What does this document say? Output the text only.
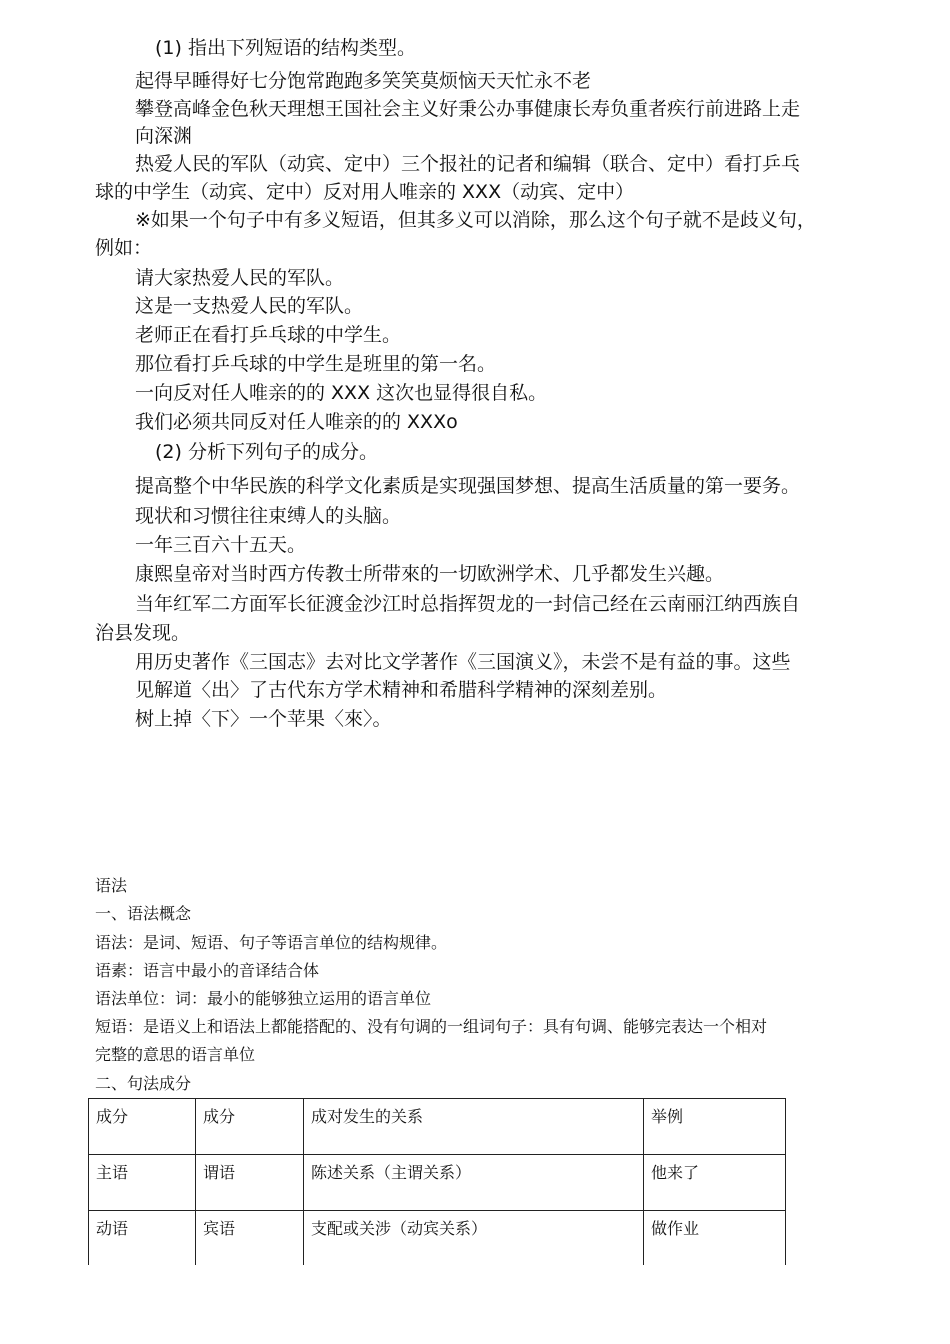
(1) 指出下列短语的结构类型。
起得早睡得好七分饱常跑跑多笑笑莫烦恼天天忙永不老
攀登高峰金色秋天理想王国社会主义好秉公办事健康长寿负重者疾行前进路上走
向深渊
热爱人民的军队（动宾、定中）三个报社的记者和编辑（联合、定中）看打乒乓
球的中学生（动宾、定中）反对用人唯亲的 XXX（动宾、定中）
※如果一个句子中有多义短语，但其多义可以消除，那么这个句子就不是歧义句，
例如：
请大家热爱人民的军队。
这是一支热爱人民的军队。
老师正在看打乒乓球的中学生。
那位看打乒乓球的中学生是班里的第一名。
一向反对任人唯亲的的 XXX 这次也显得很自私。
我们必须共同反对任人唯亲的的 XXXo
(2) 分析下列句子的成分。
提高整个中华民族的科学文化素质是实现强国梦想、提高生活质量的第一要务。
现状和习惯往往束缚人的头脑。
一年三百六十五天。
康熙皇帝对当时西方传教士所带來的一切欧洲学术、几乎都发生兴趣。
当年红军二方面军长征渡金沙江时总指挥贺龙的一封信己经在云南丽江纳西族自
治县发现。
用历史著作《三国志》去对比文学著作《三国演义》，未尝不是有益的事。这些
见解道〈出〉了古代东方学术精神和希腊科学精神的深刻差别。
树上掉〈下〉一个苹果〈來〉。
语法
一、语法概念
语法：是词、短语、句子等语言单位的结构规律。
语素：语言中最小的音译结合体
语法单位：词：最小的能够独立运用的语言单位
短语：是语义上和语法上都能搭配的、没有句调的一组词句子：具有句调、能够完表达一个相对
完整的意思的语言单位
二、句法成分
成分	成分	成对发生的关系	举例
主语	谓语	陈述关系（主谓关系）	他来了
动语	宾语	支配或关涉（动宾关系）	做作业
